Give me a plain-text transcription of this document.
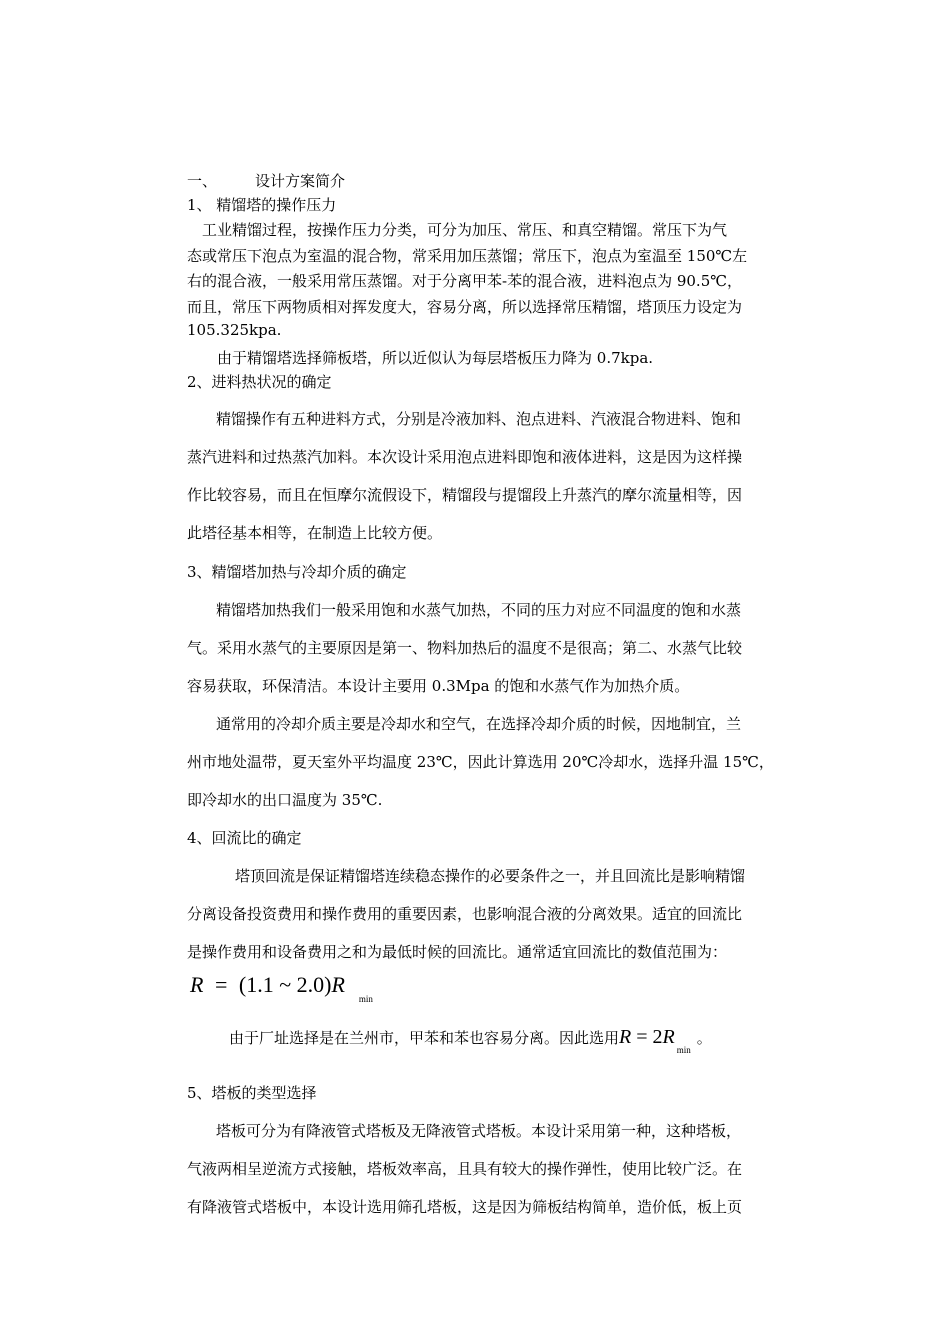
一、	设计方案简介
1、 精馏塔的操作压力
工业精馏过程，按操作压力分类，可分为加压、常压、和真空精馏。常压下为气
态或常压下泡点为室温的混合物，常采用加压蒸馏；常压下，泡点为室温至 150℃左
右的混合液，一般采用常压蒸馏。对于分离甲苯-苯的混合液，进料泡点为 90.5℃，
而且，常压下两物质相对挥发度大，容易分离，所以选择常压精馏，塔顶压力设定为
105.325kpa.
由于精馏塔选择筛板塔，所以近似认为每层塔板压力降为 0.7kpa.
2、进料热状况的确定
精馏操作有五种进料方式，分别是冷液加料、泡点进料、汽液混合物进料、饱和
蒸汽进料和过热蒸汽加料。本次设计采用泡点进料即饱和液体进料，这是因为这样操
作比较容易，而且在恒摩尔流假设下，精馏段与提馏段上升蒸汽的摩尔流量相等，因
此塔径基本相等，在制造上比较方便。
3、精馏塔加热与冷却介质的确定
精馏塔加热我们一般采用饱和水蒸气加热，不同的压力对应不同温度的饱和水蒸
气。采用水蒸气的主要原因是第一、物料加热后的温度不是很高；第二、水蒸气比较
容易获取，环保清洁。本设计主要用 0.3Mpa 的饱和水蒸气作为加热介质。
通常用的冷却介质主要是冷却水和空气，在选择冷却介质的时候，因地制宜，兰
州市地处温带，夏天室外平均温度 23℃，因此计算选用 20℃冷却水，选择升温 15℃，
即冷却水的出口温度为 35℃.
4、回流比的确定
塔顶回流是保证精馏塔连续稳态操作的必要条件之一，并且回流比是影响精馏
分离设备投资费用和操作费用的重要因素，也影响混合液的分离效果。适宜的回流比
是操作费用和设备费用之和为最低时候的回流比。通常适宜回流比的数值范围为：
R = (1.1 ~ $2.0)R_{min}$
由于厂址选择是在兰州市，甲苯和苯也容易分离。因此选用$R = 2R_{min}$。
5、塔板的类型选择
塔板可分为有降液管式塔板及无降液管式塔板。本设计采用第一种，这种塔板，
气液两相呈逆流方式接触，塔板效率高，且具有较大的操作弹性，使用比较广泛。在
有降液管式塔板中，本设计选用筛孔塔板，这是因为筛板结构简单，造价低，板上页
